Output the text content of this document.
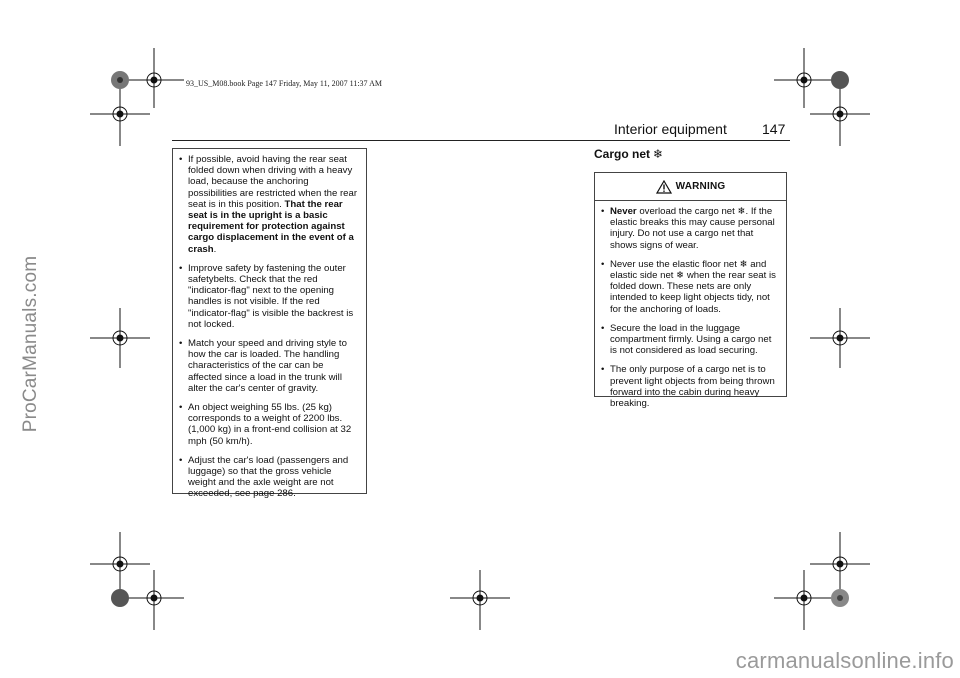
ProCarManuals.com
93_US_M08.book Page 147 Friday, May 11, 2007 11:37 AM
Interior equipment	147
• If possible, avoid having the rear seat folded down when driving with a heavy load, because the anchoring possibilities are restricted when the rear seat is in this position. That the rear seat is in the upright is a basic requirement for protection against cargo displacement in the event of a crash.
• Improve safety by fastening the outer safetybelts. Check that the red "indicator-flag" next to the opening handles is not visible. If the red "indicator-flag" is visible the backrest is not locked.
• Match your speed and driving style to how the car is loaded. The handling characteristics of the car can be affected since a load in the trunk will alter the car's center of gravity.
• An object weighing 55 lbs. (25 kg) corresponds to a weight of 2200 lbs. (1,000 kg) in a front-end collision at 32 mph (50 km/h).
• Adjust the car's load (passengers and luggage) so that the gross vehicle weight and the axle weight are not exceeded, see page 286.
Cargo net ❄
WARNING
• Never overload the cargo net ❄. If the elastic breaks this may cause personal injury. Do not use a cargo net that shows signs of wear.
• Never use the elastic floor net ❄ and elastic side net ❄ when the rear seat is folded down. These nets are only intended to keep light objects tidy, not for the anchoring of loads.
• Secure the load in the luggage compartment firmly. Using a cargo net is not considered as load securing.
• The only purpose of a cargo net is to prevent light objects from being thrown forward into the cabin during heavy breaking.
carmanualsonline.info
